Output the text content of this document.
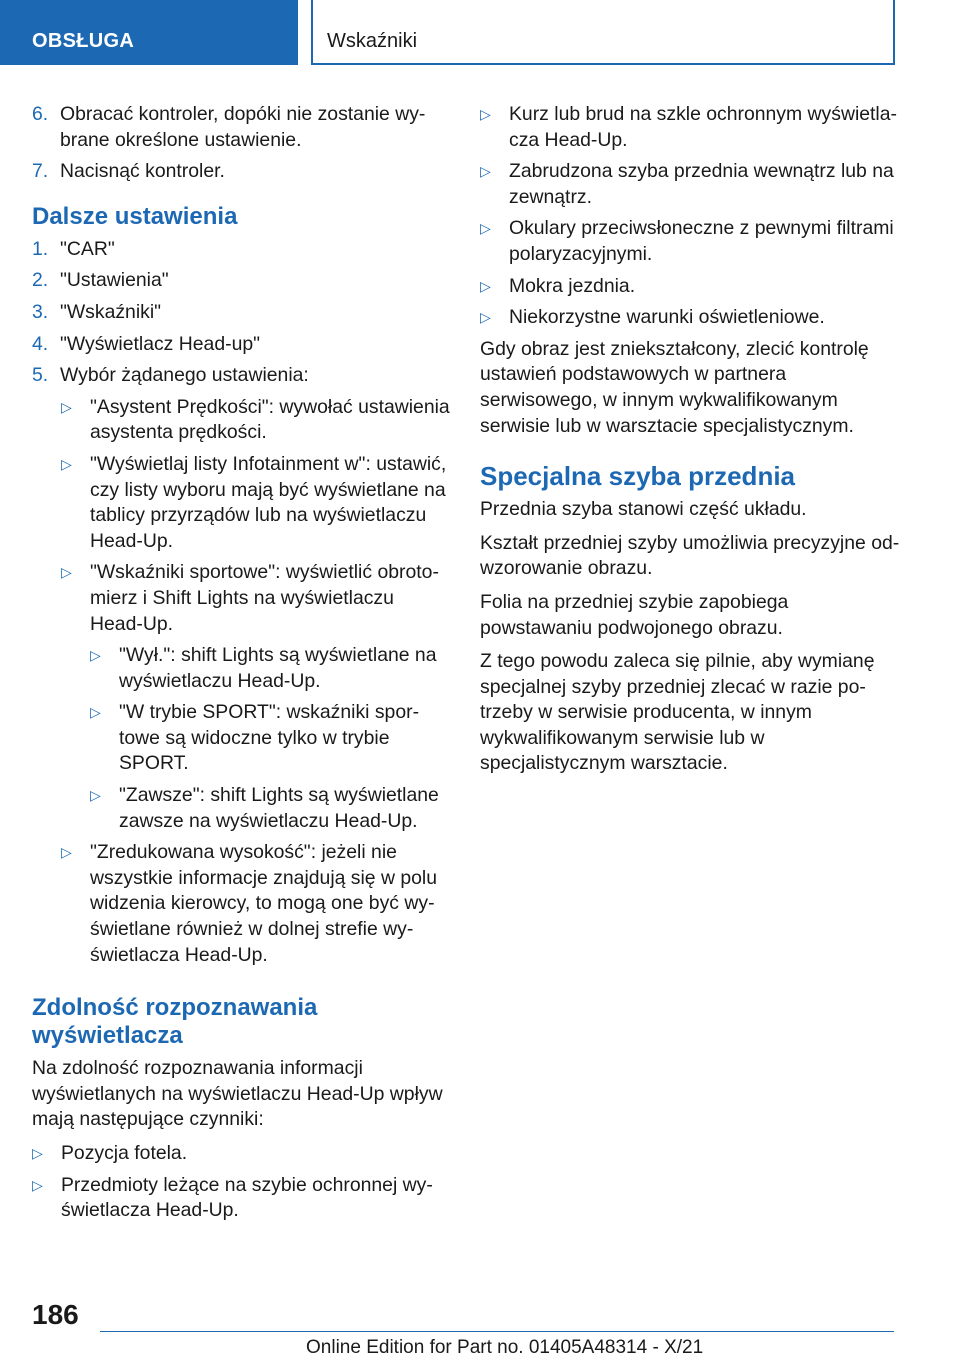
OBSŁUGA	Wskaźniki
6. Obracać kontroler, dopóki nie zostanie wybrane określone ustawienie.
7. Nacisnąć kontroler.
Dalsze ustawienia
1. "CAR"
2. "Ustawienia"
3. "Wskaźniki"
4. "Wyświetlacz Head-up"
5. Wybór żądanego ustawienia:
▷ "Asystent Prędkości": wywołać ustawienia asystenta prędkości.
▷ "Wyświetlaj listy Infotainment w": ustawić, czy listy wyboru mają być wyświetlane na tablicy przyrządów lub na wyświetlaczu Head-Up.
▷ "Wskaźniki sportowe": wyświetlić obrotomierz i Shift Lights na wyświetlaczu Head-Up.
▷ "Wył.": shift Lights są wyświetlane na wyświetlaczu Head-Up.
▷ "W trybie SPORT": wskaźniki sportowe są widoczne tylko w trybie SPORT.
▷ "Zawsze": shift Lights są wyświetlane zawsze na wyświetlaczu Head-Up.
▷ "Zredukowana wysokość": jeżeli nie wszystkie informacje znajdują się w polu widzenia kierowcy, to mogą one być wyświetlane również w dolnej strefie wyświetlacza Head-Up.
Zdolność rozpoznawania wyświetlacza

Na zdolność rozpoznawania informacji wyświetlanych na wyświetlaczu Head-Up wpływ mają następujące czynniki:

▷ Pozycja fotela.
▷ Przedmioty leżące na szybie ochronnej wyświetlacza Head-Up.
▷ Kurz lub brud na szkle ochronnym wyświetlacza Head-Up.
▷ Zabrudzona szyba przednia wewnątrz lub na zewnątrz.
▷ Okulary przeciwsłoneczne z pewnymi filtrami polaryzacyjnymi.
▷ Mokra jezdnia.
▷ Niekorzystne warunki oświetleniowe.

Gdy obraz jest zniekształcony, zlecić kontrolę ustawień podstawowych w partnera serwisowego, w innym wykwalifikowanym serwisie lub w warsztacie specjalistycznym.

Specjalna szyba przednia

Przednia szyba stanowi część układu.

Kształt przedniej szyby umożliwia precyzyjne odwzorowanie obrazu.

Folia na przedniej szybie zapobiega powstawaniu podwojonego obrazu.

Z tego powodu zaleca się pilnie, aby wymianę specjalnej szyby przedniej zlecać w razie potrzeby w serwisie producenta, w innym wykwalifikowanym serwisie lub w specjalistycznym warsztacie.

186
Online Edition for Part no. 01405A48314 - X/21
